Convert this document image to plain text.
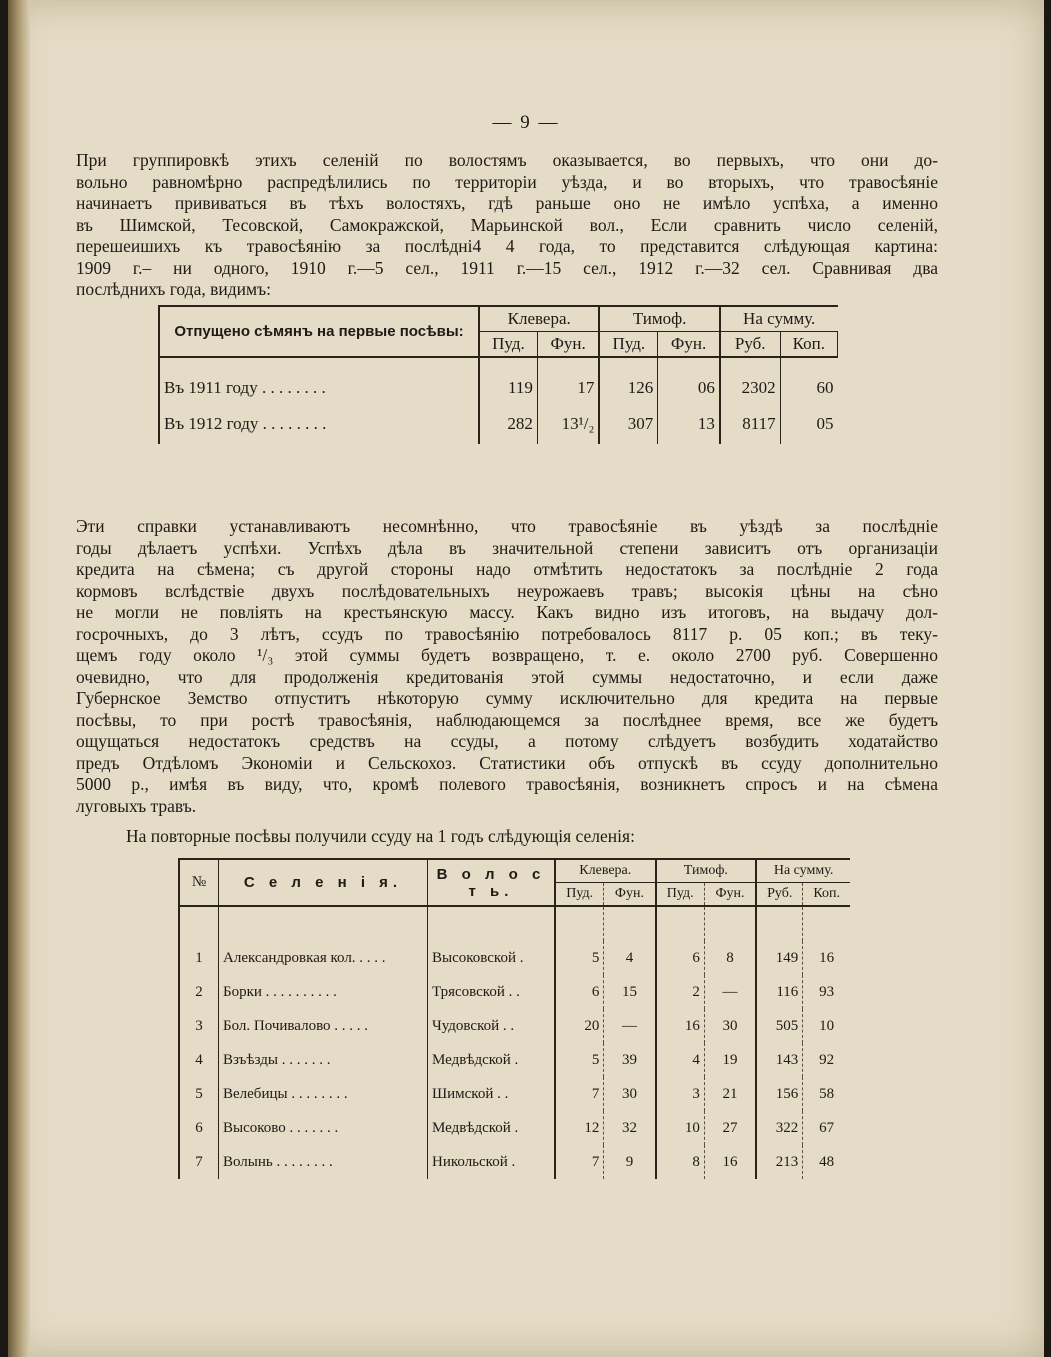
— 9 —

При группировкѣ этихъ селеній по волостямъ оказывается, во первыхъ, что они до-
вольно равномѣрно распредѣлились по территоріи уѣзда, и во вторыхъ, что травосѣяніе
начинаетъ прививаться въ тѣхъ волостяхъ, гдѣ раньше оно не имѣло успѣха, а именно
въ Шимской, Тесовской, Самокражской, Марьинской вол., Если сравнить число селеній,
перешеишихъ къ травосѣянію за послѣдні4 4 года, то представится слѣдующая картина:
1909 г.– ни одного, 1910 г.—5 сел., 1911 г.—15 сел., 1912 г.—32 сел. Сравнивая два
послѣднихъ года, видимъ:

Отпущено сѣмянъ на первые посѣвы:	Клевера.		Тимоф.		На сумму.	
	Пуд.	Фун.	Пуд.	Фун.	Руб.	Коп.
Въ 1911 году . . . . . . . .	119	17	126	06	2302	60
Въ 1912 году . . . . . . . .	282	13¹/₂	307	13	8117	05

Эти справки устанавливаютъ несомнѣнно, что травосѣяніе въ уѣздѣ за послѣдніе
годы дѣлаетъ успѣхи. Успѣхъ дѣла въ значительной степени зависитъ отъ организаціи
кредита на сѣмена; съ другой стороны надо отмѣтить недостатокъ за послѣдніе 2 года
кормовъ вслѣдствіе двухъ послѣдовательныхъ неурожаевъ травъ; высокія цѣны на сѣно
не могли не повліять на крестьянскую массу. Какъ видно изъ итоговъ, на выдачу дол-
госрочныхъ, до 3 лѣтъ, ссудъ по травосѣянію потребовалось 8117 р. 05 коп.; въ теку-
щемъ году около ¹/₃ этой суммы будетъ возвращено, т. е. около 2700 руб. Совершенно
очевидно, что для продолженія кредитованія этой суммы недостаточно, и если даже
Губернское Земство отпуститъ нѣкоторую сумму исключительно для кредита на первые
посѣвы, то при ростѣ травосѣянія, наблюдающемся за послѣднее время, все же будетъ
ощущаться недостатокъ средствъ на ссуды, а потому слѣдуетъ возбудить ходатайство
предъ Отдѣломъ Экономіи и Сельскохоз. Статистики объ отпускѣ въ ссуду дополнительно
5000 р., имѣя въ виду, что, кромѣ полевого травосѣянія, возникнетъ спросъ и на сѣмена
луговыхъ травъ.

На повторные посѣвы получили ссуду на 1 годъ слѣдующія селенія:

№	С е л е н і я.	В о л о с т ь.	Клевера.		Тимоф.		На сумму.	
			Пуд.	Фун.	Пуд.	Фун.	Руб.	Коп.

1	Александровкая кол. . . . .	Высоковской .	5	4	6	8	149	16
2	Борки . . . . . . . . . .	Трясовской . .	6	15	2	—	116	93
3	Бол. Почивалово . . . . .	Чудовской . .	20	—	16	30	505	10
4	Взъѣзды . . . . . . .	Медвѣдской .	5	39	4	19	143	92
5	Велебицы . . . . . . . .	Шимской . .	7	30	3	21	156	58
6	Высоково . . . . . . .	Медвѣдской .	12	32	10	27	322	67
7	Волынь . . . . . . . .	Никольской .	7	9	8	16	213	48
